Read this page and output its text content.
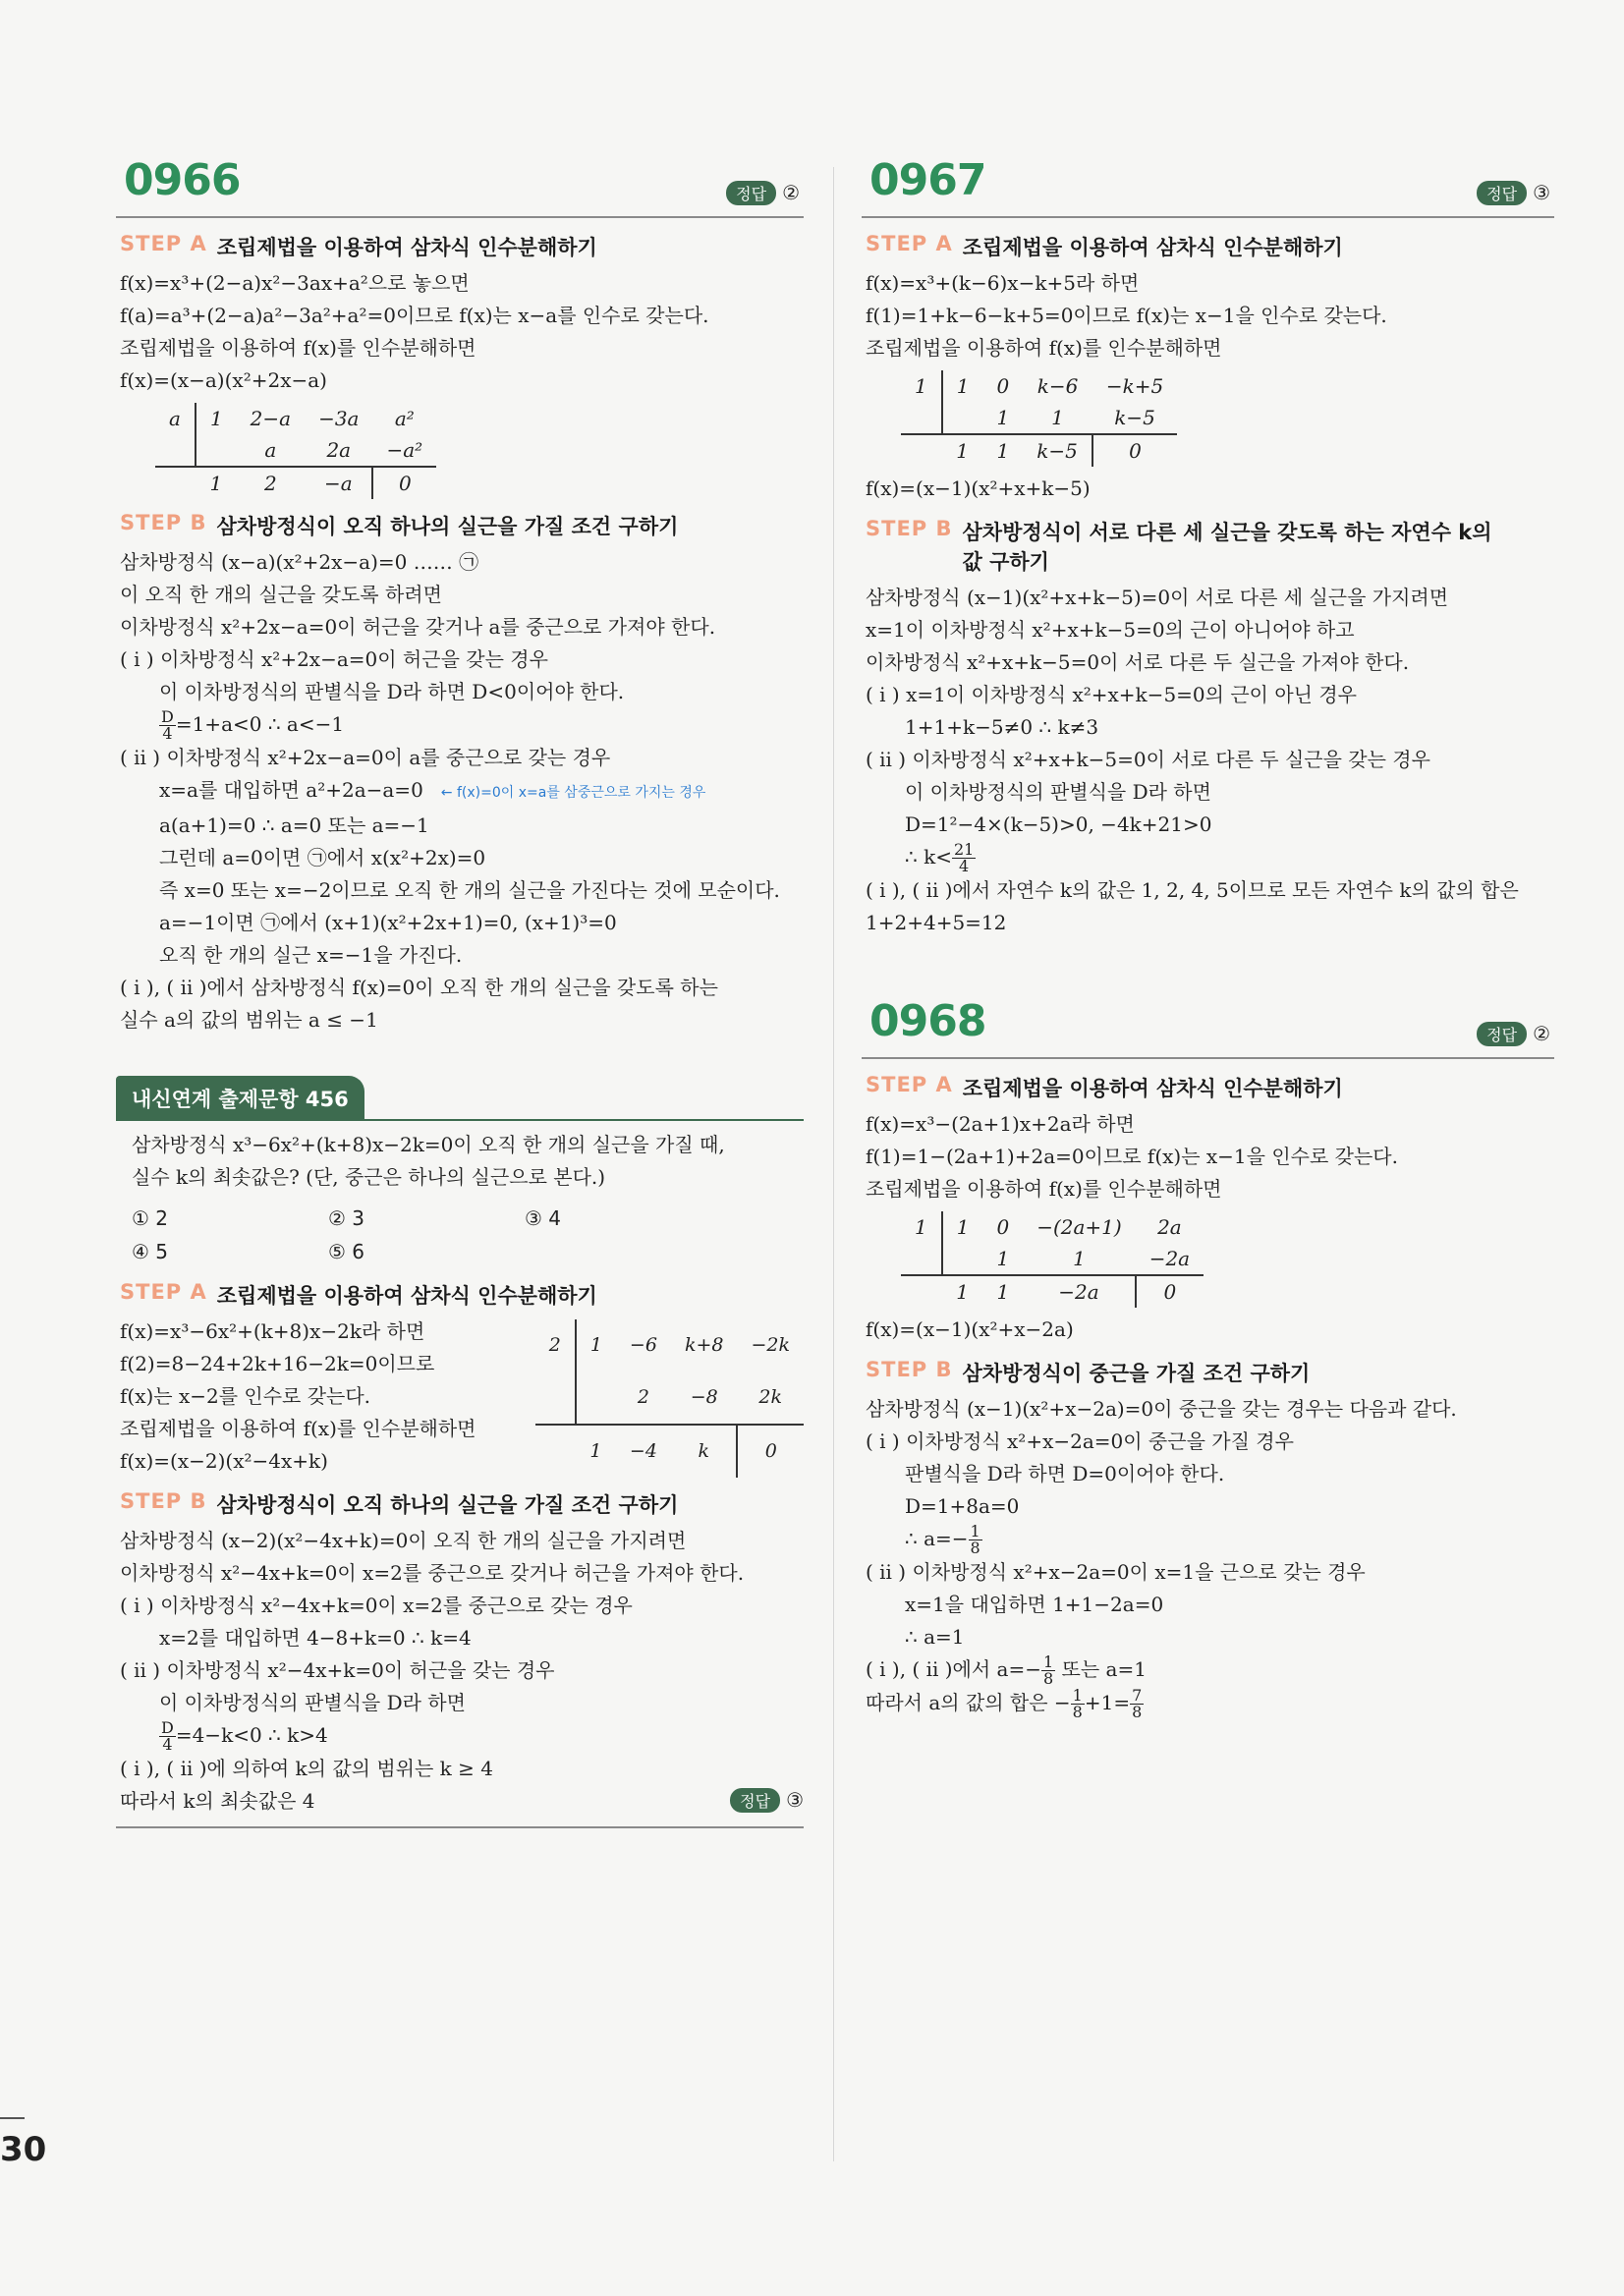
0966	정답 ②
STEP A 조립제법을 이용하여 삼차식 인수분해하기
f(x)=x³+(2−a)x²−3ax+a²으로 놓으면
f(a)=a³+(2−a)a²−3a²+a²=0이므로 f(x)는 x−a를 인수로 갖는다.
조립제법을 이용하여 f(x)를 인수분해하면
f(x)=(x−a)(x²+2x−a)
a	1	2−a	−3a	a²
		a	2a	−a²
	1	2	−a	0
STEP B 삼차방정식이 오직 하나의 실근을 가질 조건 구하기
삼차방정식 (x−a)(x²+2x−a)=0 …… ㉠
이 오직 한 개의 실근을 갖도록 하려면
이차방정식 x²+2x−a=0이 허근을 갖거나 a를 중근으로 가져야 한다.
( i ) 이차방정식 x²+2x−a=0이 허근을 갖는 경우
이 이차방정식의 판별식을 D라 하면 D<0이어야 한다.
$\frac{D}{4} =1+a<0$ ∴ a<−1
( ii ) 이차방정식 x²+2x−a=0이 a를 중근으로 갖는 경우
x=a를 대입하면 a²+2a−a=0 ← f(x)=0이 x=a를 삼중근으로 가지는 경우
a(a+1)=0 ∴ a=0 또는 a=−1
그런데 a=0이면 ㉠에서 x(x²+2x)=0
즉 x=0 또는 x=−2이므로 오직 한 개의 실근을 가진다는 것에 모순이다.
a=−1이면 ㉠에서 (x+1)(x²+2x+1)=0, (x+1)³=0
오직 한 개의 실근 x=−1을 가진다.
( i ), ( ii )에서 삼차방정식 f(x)=0이 오직 한 개의 실근을 갖도록 하는
실수 a의 값의 범위는 a ≤ −1
내신연계 출제문항 456
삼차방정식 x³−6x²+(k+8)x−2k=0이 오직 한 개의 실근을 가질 때,
실수 k의 최솟값은? (단, 중근은 하나의 실근으로 본다.)
① 2	② 3	③ 4
④ 5	⑤ 6
STEP A 조립제법을 이용하여 삼차식 인수분해하기
f(x)=x³−6x²+(k+8)x−2k라 하면
f(2)=8−24+2k+16−2k=0이므로
f(x)는 x−2를 인수로 갖는다.
조립제법을 이용하여 f(x)를 인수분해하면
f(x)=(x−2)(x²−4x+k)
2	1	−6	k+8	−2k
		2	−8	2k
	1	−4	k	0
STEP B 삼차방정식이 오직 하나의 실근을 가질 조건 구하기
삼차방정식 (x−2)(x²−4x+k)=0이 오직 한 개의 실근을 가지려면
이차방정식 x²−4x+k=0이 x=2를 중근으로 갖거나 허근을 가져야 한다.
( i ) 이차방정식 x²−4x+k=0이 x=2를 중근으로 갖는 경우
x=2를 대입하면 4−8+k=0 ∴ k=4
( ii ) 이차방정식 x²−4x+k=0이 허근을 갖는 경우
이 이차방정식의 판별식을 D라 하면
$\frac{D}{4} =4-k<0$ ∴ k>4
( i ), ( ii )에 의하여 k의 값의 범위는 k ≥ 4
따라서 k의 최솟값은 4	정답 ③
0967	정답 ③
STEP A 조립제법을 이용하여 삼차식 인수분해하기
f(x)=x³+(k−6)x−k+5라 하면
f(1)=1+k−6−k+5=0이므로 f(x)는 x−1을 인수로 갖는다.
조립제법을 이용하여 f(x)를 인수분해하면
1	1	0	k−6	−k+5
		1	1	k−5
	1	1	k−5	0
f(x)=(x−1)(x²+x+k−5)
STEP B 삼차방정식이 서로 다른 세 실근을 갖도록 하는 자연수 k의 값 구하기
삼차방정식 (x−1)(x²+x+k−5)=0이 서로 다른 세 실근을 가지려면
x=1이 이차방정식 x²+x+k−5=0의 근이 아니어야 하고
이차방정식 x²+x+k−5=0이 서로 다른 두 실근을 가져야 한다.
( i ) x=1이 이차방정식 x²+x+k−5=0의 근이 아닌 경우
1+1+k−5≠0 ∴ k≠3
( ii ) 이차방정식 x²+x+k−5=0이 서로 다른 두 실근을 갖는 경우
이 이차방정식의 판별식을 D라 하면
D=1²−4×(k−5)>0, −4k+21>0
∴ $k< \frac{21}{4}$
( i ), ( ii )에서 자연수 k의 값은 1, 2, 4, 5이므로 모든 자연수 k의 값의 합은
1+2+4+5=12
0968	정답 ②
STEP A 조립제법을 이용하여 삼차식 인수분해하기
f(x)=x³−(2a+1)x+2a라 하면
f(1)=1−(2a+1)+2a=0이므로 f(x)는 x−1을 인수로 갖는다.
조립제법을 이용하여 f(x)를 인수분해하면
1	1	0	−(2a+1)	2a
		1	1	−2a
	1	1	−2a	0
f(x)=(x−1)(x²+x−2a)
STEP B 삼차방정식이 중근을 가질 조건 구하기
삼차방정식 (x−1)(x²+x−2a)=0이 중근을 갖는 경우는 다음과 같다.
( i ) 이차방정식 x²+x−2a=0이 중근을 가질 경우
판별식을 D라 하면 D=0이어야 한다.
D=1+8a=0
∴ $a=- \frac{1}{8}$
( ii ) 이차방정식 x²+x−2a=0이 x=1을 근으로 갖는 경우
x=1을 대입하면 1+1−2a=0
∴ a=1
( i ), ( ii )에서 $a=- \frac{1}{8}$ 또는 a=1
따라서 a의 값의 합은 − $\frac{1}{8} +1= \frac{7}{8}$
30
